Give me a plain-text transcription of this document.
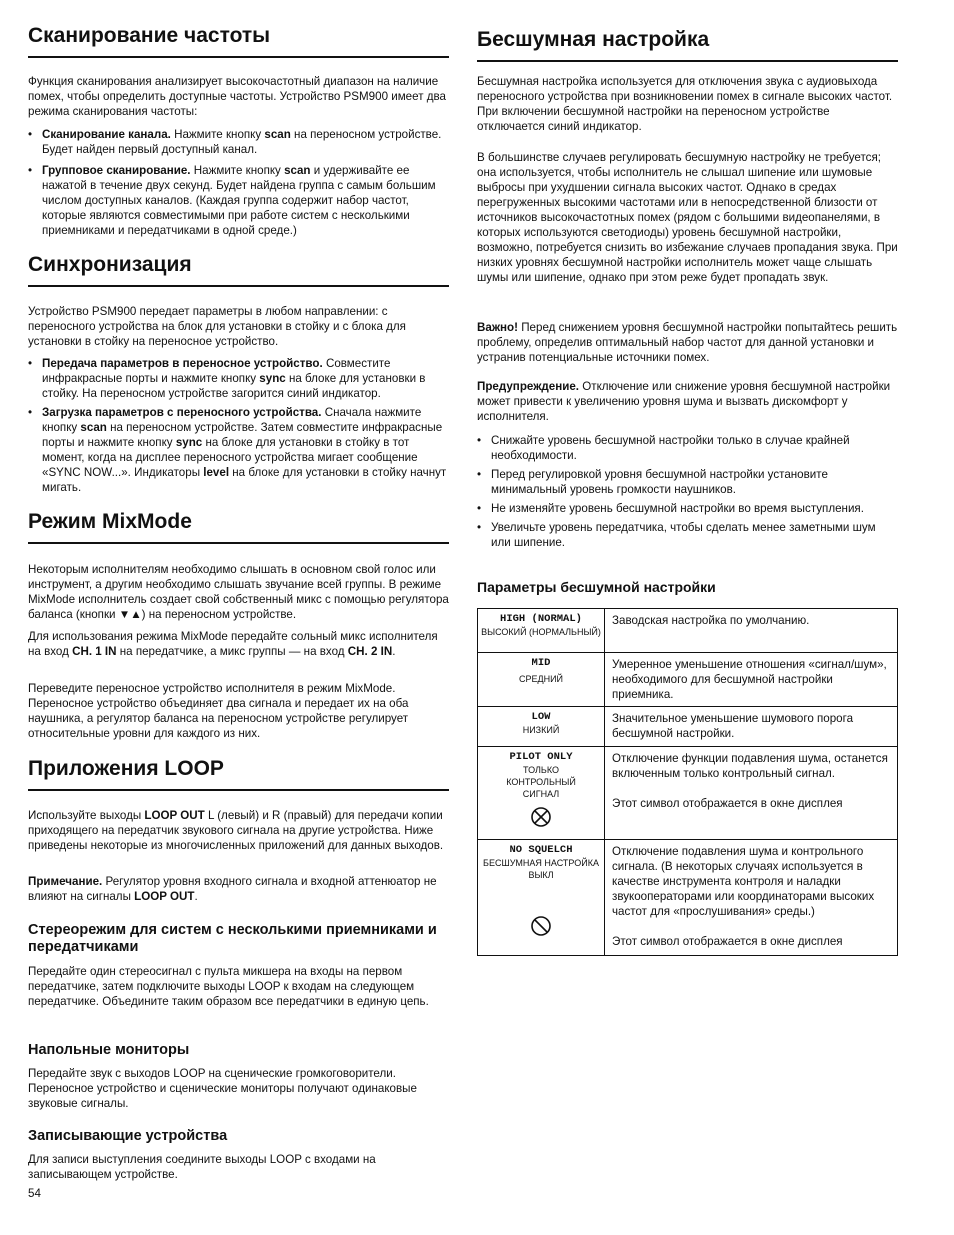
Сканирование частоты

Функция сканирования анализирует высокочастотный диапазон на наличие помех, чтобы определить доступные частоты. Устройство PSM900 имеет два режима сканирования частоты:

• Сканирование канала. Нажмите кнопку scan на переносном устройстве. Будет найден первый доступный канал.
• Групповое сканирование. Нажмите кнопку scan и удерживайте ее нажатой в течение двух секунд. Будет найдена группа с самым большим числом доступных каналов. (Каждая группа содержит набор частот, которые являются совместимыми при работе систем с несколькими приемниками и передатчиками в одной среде.)
Синхронизация

Устройство PSM900 передает параметры в любом направлении: с переносного устройства на блок для установки в стойку и с блока для установки в стойку на переносное устройство.

• Передача параметров в переносное устройство. Совместите инфракрасные порты и нажмите кнопку sync на блоке для установки в стойку. На переносном устройстве загорится синий индикатор.
• Загрузка параметров с переносного устройства. Сначала нажмите кнопку scan на переносном устройстве. Затем совместите инфракрасные порты и нажмите кнопку sync на блоке для установки в стойку в тот момент, когда на дисплее переносного устройства мигает сообщение «SYNC NOW...». Индикаторы level на блоке для установки в стойку начнут мигать.
Режим MixMode

Некоторым исполнителям необходимо слышать в основном свой голос или инструмент, а другим необходимо слышать звучание всей группы. В режиме MixMode исполнитель создает свой собственный микс с помощью регулятора баланса (кнопки ▼▲) на переносном устройстве.

Для использования режима MixMode передайте сольный микс исполнителя на вход CH. 1 IN на передатчике, а микс группы — на вход CH. 2 IN.

Переведите переносное устройство исполнителя в режим MixMode. Переносное устройство объединяет два сигнала и передает их на оба наушника, а регулятор баланса на переносном устройстве регулирует относительные уровни для каждого из них.

Приложения LOOP

Используйте выходы LOOP OUT L (левый) и R (правый) для передачи копии приходящего на передатчик звукового сигнала на другие устройства. Ниже приведены некоторые из многочисленных приложений для данных выходов.

Примечание. Регулятор уровня входного сигнала и входной аттенюатор не влияют на сигналы LOOP OUT.

Стереорежим для систем с несколькими приемниками и передатчиками

Передайте один стереосигнал с пульта микшера на входы на первом передатчике, затем подключите выходы LOOP к входам на следующем передатчике. Объедините таким образом все передатчики в единую цепь.

Напольные мониторы

Передайте звук с выходов LOOP на сценические громкоговорители. Переносное устройство и сценические мониторы получают одинаковые звуковые сигналы.

Записывающие устройства

Для записи выступления соедините выходы LOOP с входами на записывающем устройстве.

54
Бесшумная настройка

Бесшумная настройка используется для отключения звука с аудиовыхода переносного устройства при возникновении помех в сигнале высоких частот. При включении бесшумной настройки на переносном устройстве отключается синий индикатор.

В большинстве случаев регулировать бесшумную настройку не требуется; она используется, чтобы исполнитель не слышал шипение или шумовые выбросы при ухудшении сигнала высоких частот. Однако в средах перегруженных высокими частотами или в непосредственной близости от источников высокочастотных помех (рядом с большими видеопанелями, в которых используются светодиоды) уровень бесшумной настройки, возможно, потребуется снизить во избежание случаев пропадания звука. При низких уровнях бесшумной настройки исполнитель может чаще слышать шумы или шипение, однако при этом реже будет пропадать звук.

Важно! Перед снижением уровня бесшумной настройки попытайтесь решить проблему, определив оптимальный набор частот для данной установки и устранив потенциальные источники помех.

Предупреждение. Отключение или снижение уровня бесшумной настройки может привести к увеличению уровня шума и вызвать дискомфорт у исполнителя.

• Снижайте уровень бесшумной настройки только в случае крайней необходимости.
• Перед регулировкой уровня бесшумной настройки установите минимальный уровень громкости наушников.
• Не изменяйте уровень бесшумной настройки во время выступления.
• Увеличьте уровень передатчика, чтобы сделать менее заметными шум или шипение.
Параметры бесшумной настройки
HIGH (NORMAL)
ВЫСОКИЙ (НОРМАЛЬНЫЙ)	Заводская настройка по умолчанию.

MID
СРЕДНИЙ	Умеренное уменьшение отношения «сигнал/шум», необходимого для бесшумной настройки приемника.

LOW
НИЗКИЙ	Значительное уменьшение шумового порога бесшумной настройки.

PILOT ONLY
ТОЛЬКО КОНТРОЛЬНЫЙ СИГНАЛ	Отключение функции подавления шума, останется включенным только контрольный сигнал.

Этот символ отображается в окне дисплея

NO SQUELCH
БЕСШУМНАЯ НАСТРОЙКА ВЫКЛ	Отключение подавления шума и контрольного сигнала. (В некоторых случаях используется в качестве инструмента контроля и наладки звукооператорами или координаторами высоких частот для «прослушивания» среды.)

Этот символ отображается в окне дисплея
